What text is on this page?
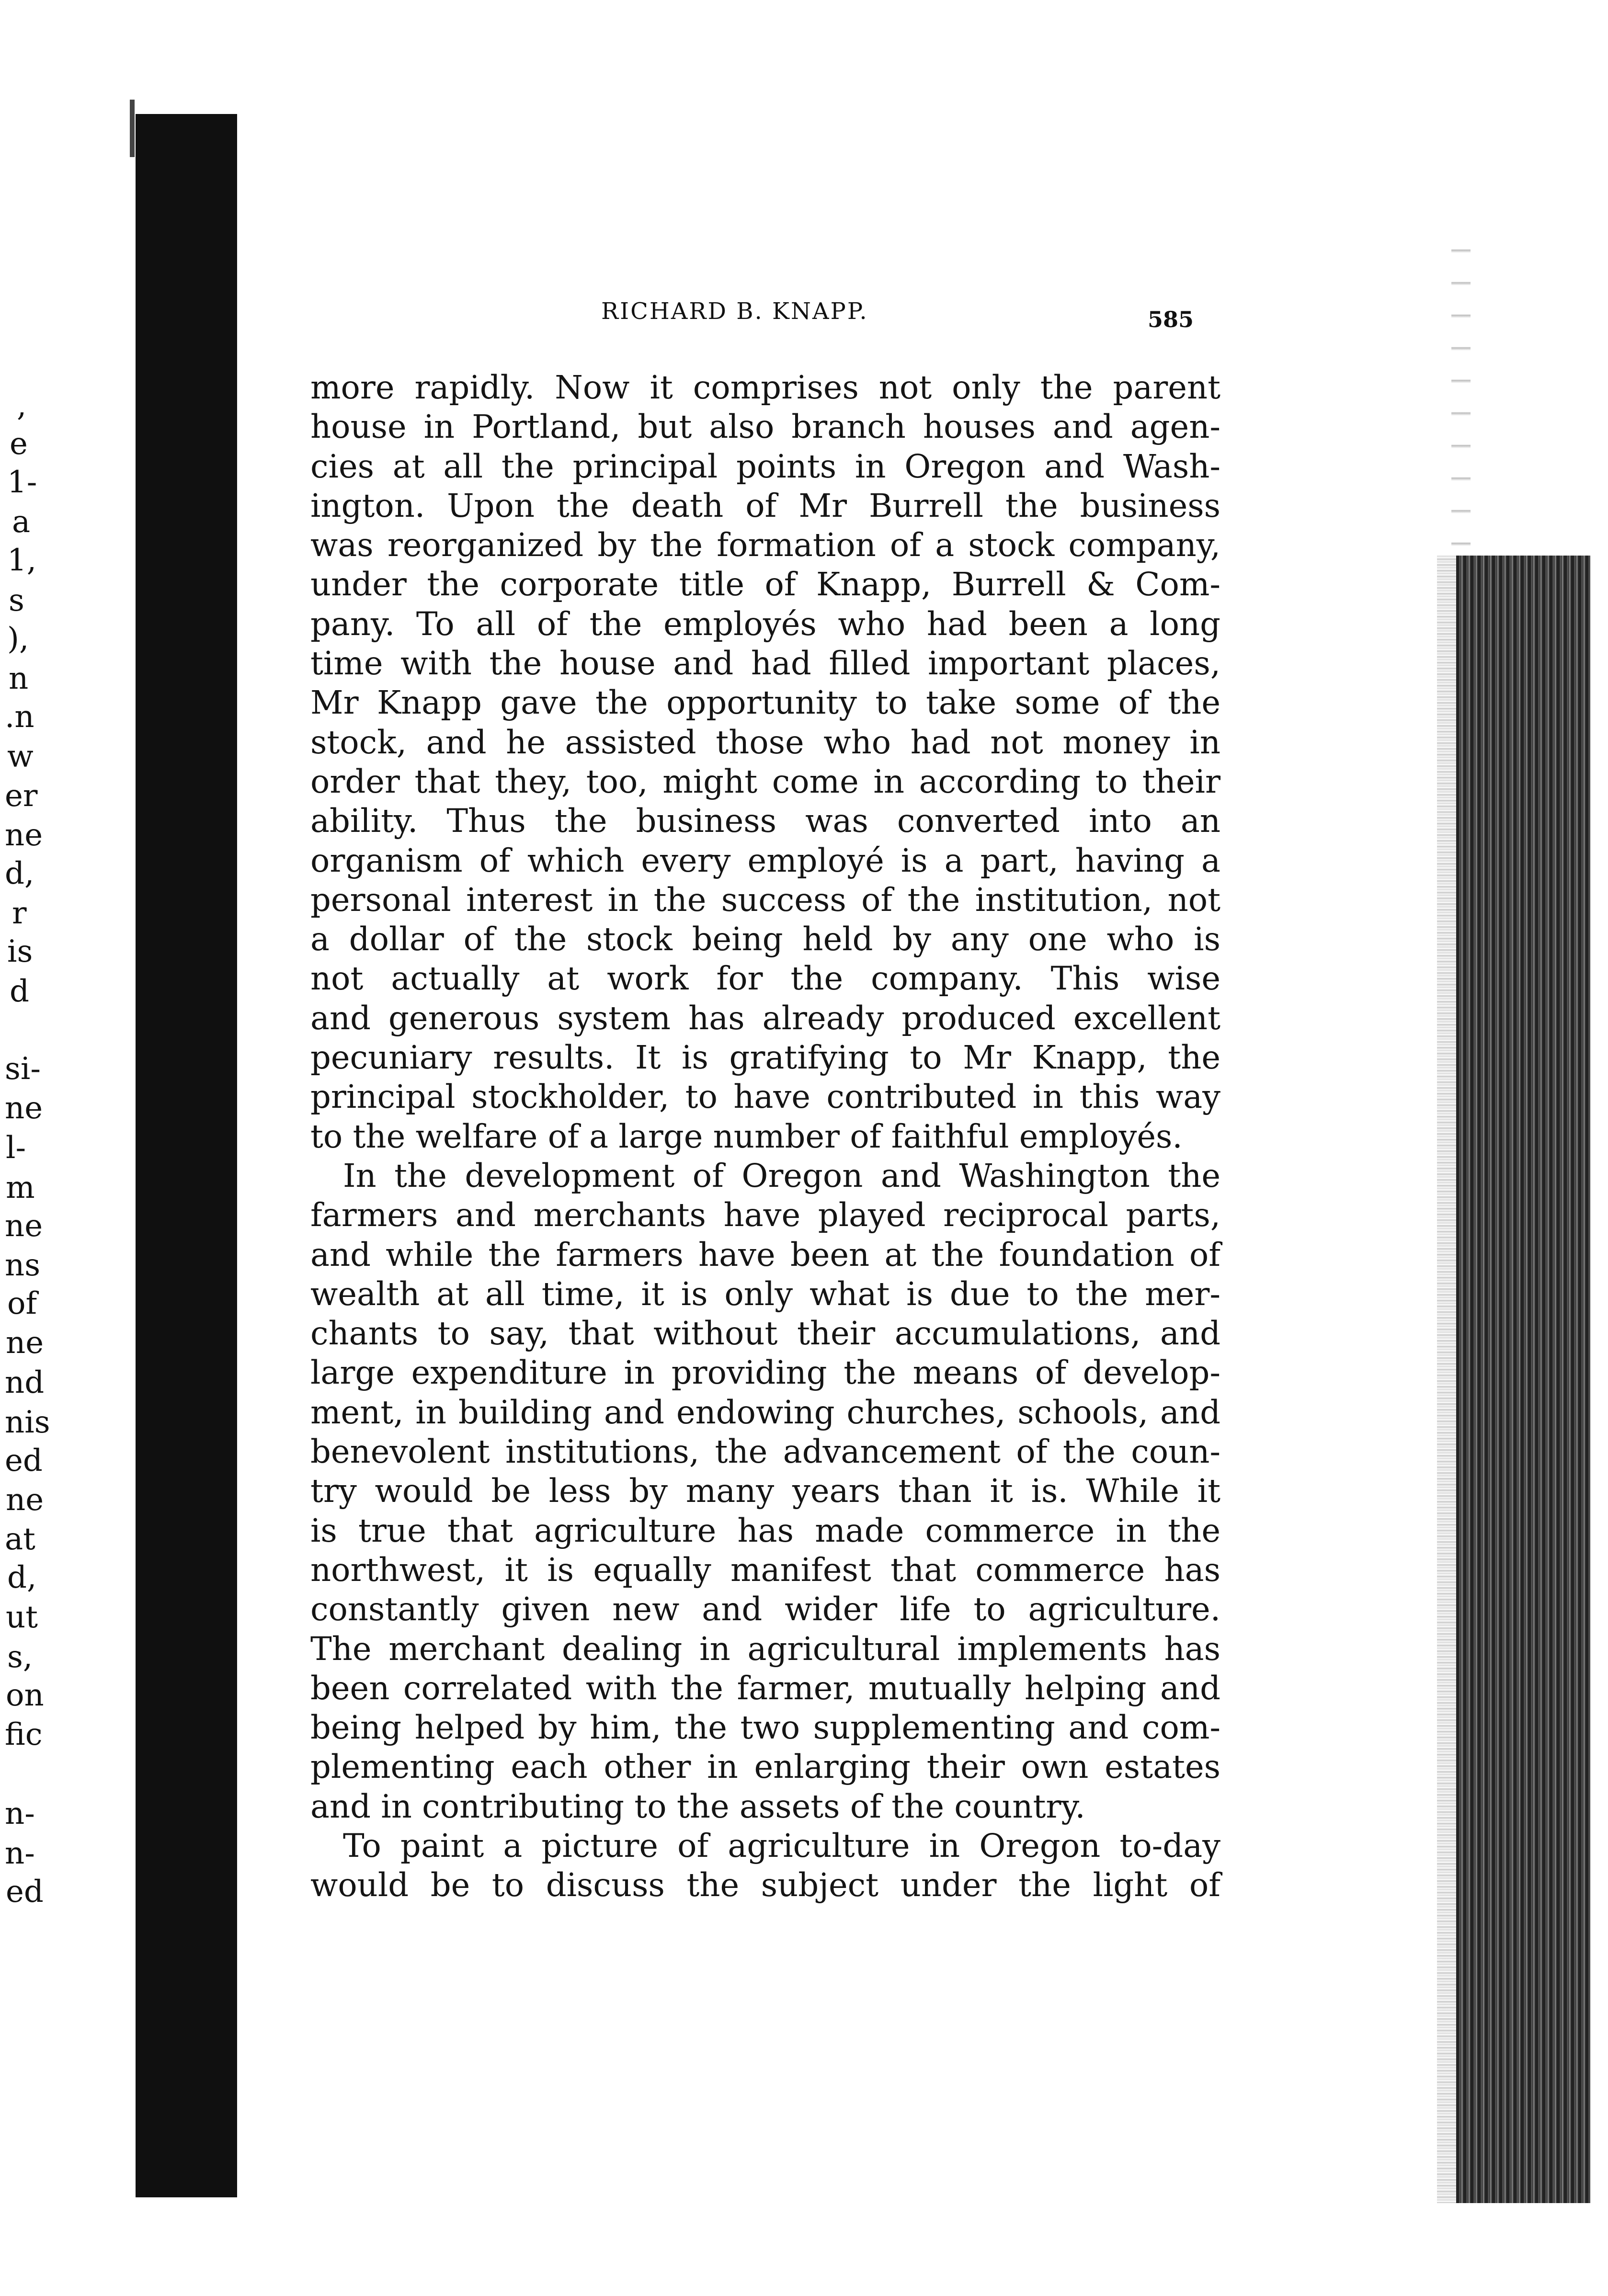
,
e
1-
a
1,
s
),
n
.n
w
er
ne
d,
r
is
d
si-
ne
l-
m
ne
ns
of
ne
nd
nis
ed
ne
at
d,
ut
s,
on
fic
n-
n-
ed
RICHARD B. KNAPP.	585
more rapidly. Now it comprises not only the parent
house in Portland, but also branch houses and agen-
cies at all the principal points in Oregon and Wash-
ington. Upon the death of Mr Burrell the business
was reorganized by the formation of a stock company,
under the corporate title of Knapp, Burrell & Com-
pany. To all of the employés who had been a long
time with the house and had filled important places,
Mr Knapp gave the opportunity to take some of the
stock, and he assisted those who had not money in
order that they, too, might come in according to their
ability. Thus the business was converted into an
organism of which every employé is a part, having a
personal interest in the success of the institution, not
a dollar of the stock being held by any one who is
not actually at work for the company. This wise
and generous system has already produced excellent
pecuniary results. It is gratifying to Mr Knapp, the
principal stockholder, to have contributed in this way
to the welfare of a large number of faithful employés.
In the development of Oregon and Washington the
farmers and merchants have played reciprocal parts,
and while the farmers have been at the foundation of
wealth at all time, it is only what is due to the mer-
chants to say, that without their accumulations, and
large expenditure in providing the means of develop-
ment, in building and endowing churches, schools, and
benevolent institutions, the advancement of the coun-
try would be less by many years than it is. While it
is true that agriculture has made commerce in the
northwest, it is equally manifest that commerce has
constantly given new and wider life to agriculture.
The merchant dealing in agricultural implements has
been correlated with the farmer, mutually helping and
being helped by him, the two supplementing and com-
plementing each other in enlarging their own estates
and in contributing to the assets of the country.
To paint a picture of agriculture in Oregon to-day
would be to discuss the subject under the light of
